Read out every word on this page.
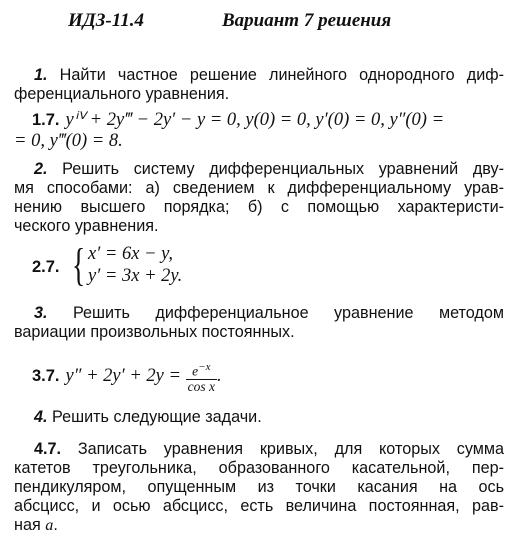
ИДЗ-11.4	Вариант 7 решения
1. Найти частное решение линейного однородного диф-
ференциального уравнения.
1.7. yⁱⱽ + 2y‴ − 2y′ − y = 0, y(0) = 0, y′(0) = 0, y″(0) =
= 0, y‴(0) = 8.
2. Решить систему дифференциальных уравнений дву-
мя способами: а) сведением к дифференциальному урав-
нению высшего порядка; б) с помощью характеристи-
ческого уравнения.
2.7. { x′ = 6x − y,
y′ = 3x + 2y.
3. Решить дифференциальное уравнение методом
вариации произвольных постоянных.
3.7. $y'' + 2y' + 2y = \frac{e^{-x}}{\text{cos x}}$ .
4. Решить следующие задачи.
4.7. Записать уравнения кривых, для которых сумма
катетов треугольника, образованного касательной, пер-
пендикуляром, опущенным из точки касания на ось
абсцисс, и осью абсцисс, есть величина постоянная, рав-
ная a.
